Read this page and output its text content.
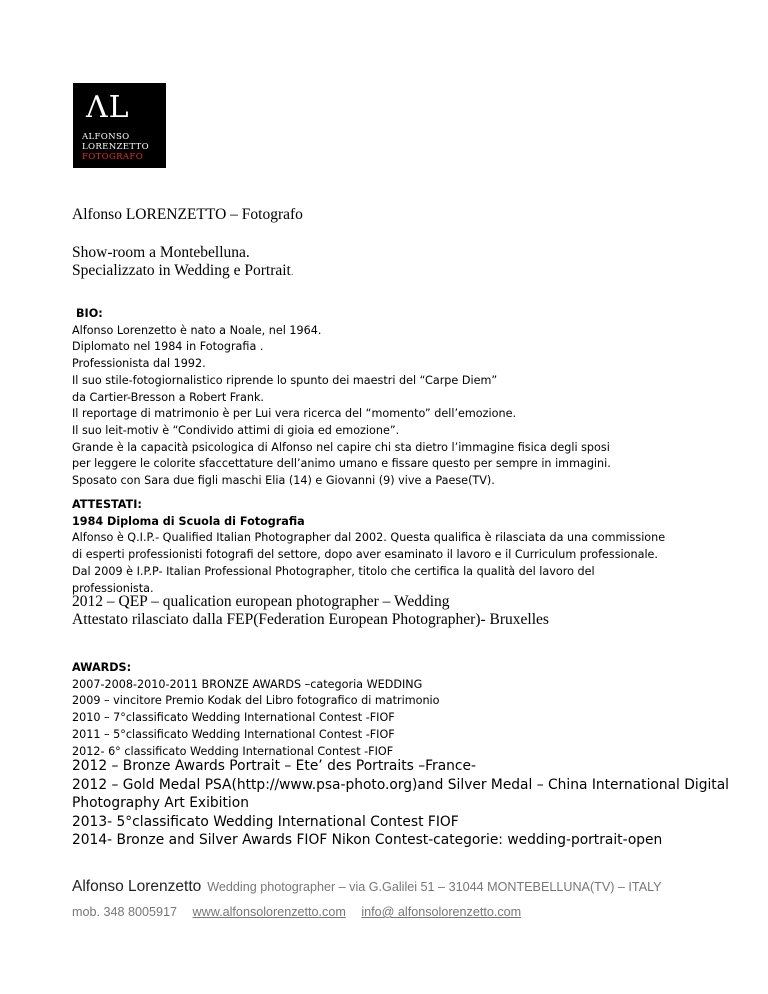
ΛL
ALFONSO
LORENZETTO
FOTOGRAFO
Alfonso LORENZETTO – Fotografo
Show-room a Montebelluna.
Specializzato in Wedding e Portrait.
BIO:
Alfonso Lorenzetto è nato a Noale, nel 1964.
Diplomato nel 1984 in Fotografia .
Professionista dal 1992.
Il suo stile-fotogiornalistico riprende lo spunto dei maestri del “Carpe Diem”
da Cartier-Bresson a Robert Frank.
Il reportage di matrimonio è per Lui vera ricerca del “momento” dell’emozione.
Il suo leit-motiv è “Condivido attimi di gioia ed emozione”.
Grande è la capacità psicologica di Alfonso nel capire chi sta dietro l’immagine fisica degli sposi
per leggere le colorite sfaccettature dell’animo umano e fissare questo per sempre in immagini.
Sposato con Sara due figli maschi Elia (14) e Giovanni (9) vive a Paese(TV).
ATTESTATI:
1984 Diploma di Scuola di Fotografia
Alfonso è Q.I.P.- Qualified Italian Photographer dal 2002. Questa qualifica è rilasciata da una commissione
di esperti professionisti fotografi del settore, dopo aver esaminato il lavoro e il Curriculum professionale.
Dal 2009 è I.P.P- Italian Professional Photographer, titolo che certifica la qualità del lavoro del
professionista.
2012 – QEP – qualication european photographer – Wedding
Attestato rilasciato dalla FEP(Federation European Photographer)- Bruxelles
AWARDS:
2007-2008-2010-2011 BRONZE AWARDS –categoria WEDDING
2009 – vincitore Premio Kodak del Libro fotografico di matrimonio
2010 – 7°classificato Wedding International Contest -FIOF
2011 – 5°classificato Wedding International Contest -FIOF
2012- 6° classificato Wedding International Contest -FIOF
2012 – Bronze Awards Portrait – Ete’ des Portraits –France-
2012 – Gold Medal PSA(http://www.psa-photo.org)and Silver Medal – China International Digital
Photography Art Exibition
2013- 5°classificato Wedding International Contest FIOF
2014- Bronze and Silver Awards FIOF Nikon Contest-categorie: wedding-portrait-open
Alfonso Lorenzetto Wedding photographer – via G.Galilei 51 – 31044 MONTEBELLUNA(TV) – ITALY
mob. 348 8005917 www.alfonsolorenzetto.com info@ alfonsolorenzetto.com
